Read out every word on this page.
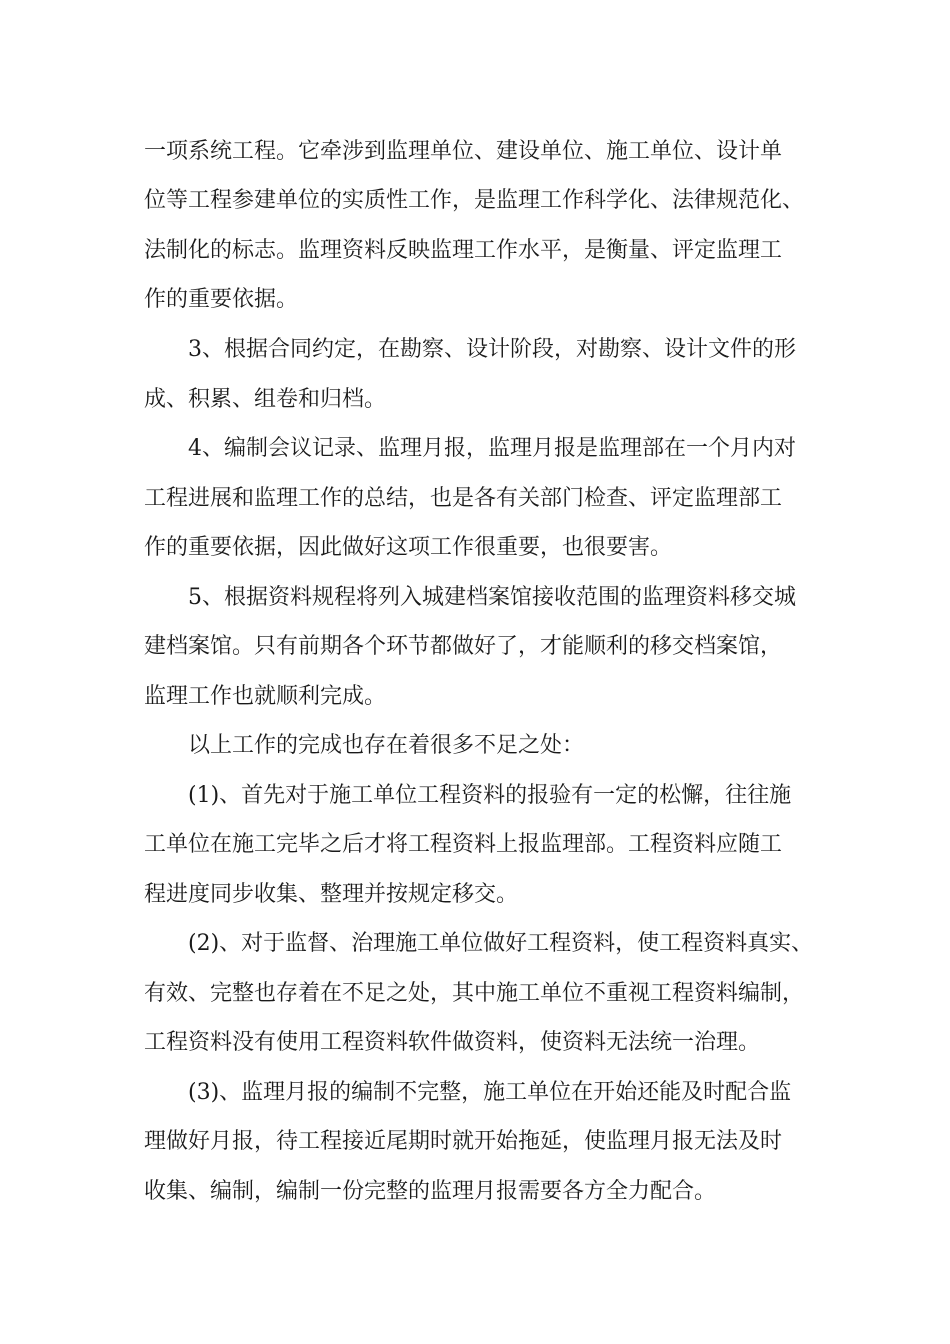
一项系统工程。它牵涉到监理单位、建设单位、施工单位、设计单
位等工程参建单位的实质性工作，是监理工作科学化、法律规范化、
法制化的标志。监理资料反映监理工作水平，是衡量、评定监理工
作的重要依据。
3、根据合同约定，在勘察、设计阶段，对勘察、设计文件的形
成、积累、组卷和归档。
4、编制会议记录、监理月报，监理月报是监理部在一个月内对
工程进展和监理工作的总结，也是各有关部门检查、评定监理部工
作的重要依据，因此做好这项工作很重要，也很要害。
5、根据资料规程将列入城建档案馆接收范围的监理资料移交城
建档案馆。只有前期各个环节都做好了，才能顺利的移交档案馆，
监理工作也就顺利完成。
以上工作的完成也存在着很多不足之处：
(1)、首先对于施工单位工程资料的报验有一定的松懈，往往施
工单位在施工完毕之后才将工程资料上报监理部。工程资料应随工
程进度同步收集、整理并按规定移交。
(2)、对于监督、治理施工单位做好工程资料，使工程资料真实、
有效、完整也存着在不足之处，其中施工单位不重视工程资料编制，
工程资料没有使用工程资料软件做资料，使资料无法统一治理。
(3)、监理月报的编制不完整，施工单位在开始还能及时配合监
理做好月报，待工程接近尾期时就开始拖延，使监理月报无法及时
收集、编制，编制一份完整的监理月报需要各方全力配合。
